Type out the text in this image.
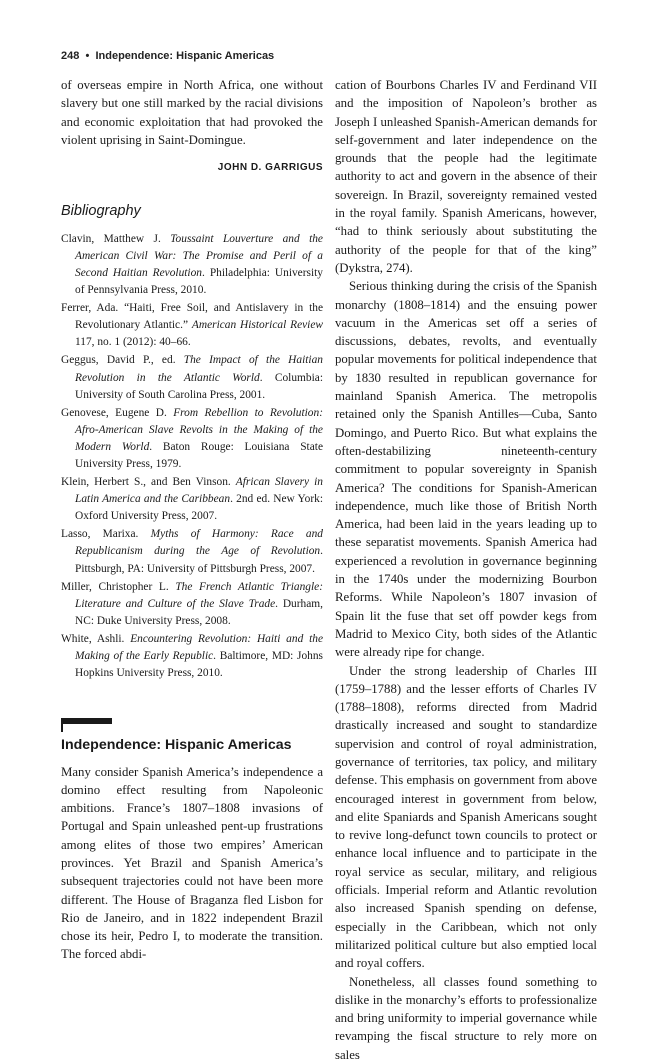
248 • Independence: Hispanic Americas

of overseas empire in North Africa, one without slavery but one still marked by the racial divisions and economic exploitation that had provoked the violent uprising in Saint-Domingue.

JOHN D. GARRIGUS
Bibliography
Clavin, Matthew J. Toussaint Louverture and the American Civil War: The Promise and Peril of a Second Haitian Revolution. Philadelphia: University of Pennsylvania Press, 2010.
Ferrer, Ada. “Haiti, Free Soil, and Antislavery in the Revolutionary Atlantic.” American Historical Review 117, no. 1 (2012): 40–66.
Geggus, David P., ed. The Impact of the Haitian Revolution in the Atlantic World. Columbia: University of South Carolina Press, 2001.
Genovese, Eugene D. From Rebellion to Revolution: Afro-American Slave Revolts in the Making of the Modern World. Baton Rouge: Louisiana State University Press, 1979.
Klein, Herbert S., and Ben Vinson. African Slavery in Latin America and the Caribbean. 2nd ed. New York: Oxford University Press, 2007.
Lasso, Marixa. Myths of Harmony: Race and Republicanism during the Age of Revolution. Pittsburgh, PA: University of Pittsburgh Press, 2007.
Miller, Christopher L. The French Atlantic Triangle: Literature and Culture of the Slave Trade. Durham, NC: Duke University Press, 2008.
White, Ashli. Encountering Revolution: Haiti and the Making of the Early Republic. Baltimore, MD: Johns Hopkins University Press, 2010.
Independence: Hispanic Americas

Many consider Spanish America’s independence a domino effect resulting from Napoleonic ambitions. France’s 1807–1808 invasions of Portugal and Spain unleashed pent-up frustrations among elites of those two empires’ American provinces. Yet Brazil and Spanish America’s subsequent trajectories could not have been more different. The House of Braganza fled Lisbon for Rio de Janeiro, and in 1822 independent Brazil chose its heir, Pedro I, to moderate the transition. The forced abdi-

cation of Bourbons Charles IV and Ferdinand VII and the imposition of Napoleon’s brother as Joseph I unleashed Spanish-American demands for self-government and later independence on the grounds that the people had the legitimate authority to act and govern in the absence of their sovereign. In Brazil, sovereignty remained vested in the royal family. Spanish Americans, however, “had to think seriously about substituting the authority of the people for that of the king” (Dykstra, 274).

Serious thinking during the crisis of the Spanish monarchy (1808–1814) and the ensuing power vacuum in the Americas set off a series of discussions, debates, revolts, and eventually popular movements for political independence that by 1830 resulted in republican governance for mainland Spanish America. The metropolis retained only the Spanish Antilles—Cuba, Santo Domingo, and Puerto Rico. But what explains the often-destabilizing nineteenth-century commitment to popular sovereignty in Spanish America? The conditions for Spanish-American independence, much like those of British North America, had been laid in the years leading up to these separatist movements. Spanish America had experienced a revolution in governance beginning in the 1740s under the modernizing Bourbon Reforms. While Napoleon’s 1807 invasion of Spain lit the fuse that set off powder kegs from Madrid to Mexico City, both sides of the Atlantic were already ripe for change.

Under the strong leadership of Charles III (1759–1788) and the lesser efforts of Charles IV (1788–1808), reforms directed from Madrid drastically increased and sought to standardize supervision and control of royal administration, governance of territories, tax policy, and military defense. This emphasis on government from above encouraged interest in government from below, and elite Spaniards and Spanish Americans sought to revive long-defunct town councils to protect or enhance local influence and to participate in the royal service as secular, military, and religious officials. Imperial reform and Atlantic revolution also increased Spanish spending on defense, especially in the Caribbean, which not only militarized political culture but also emptied local and royal coffers.

Nonetheless, all classes found something to dislike in the monarchy’s efforts to professionalize and bring uniformity to imperial governance while revamping the fiscal structure to rely more on sales
